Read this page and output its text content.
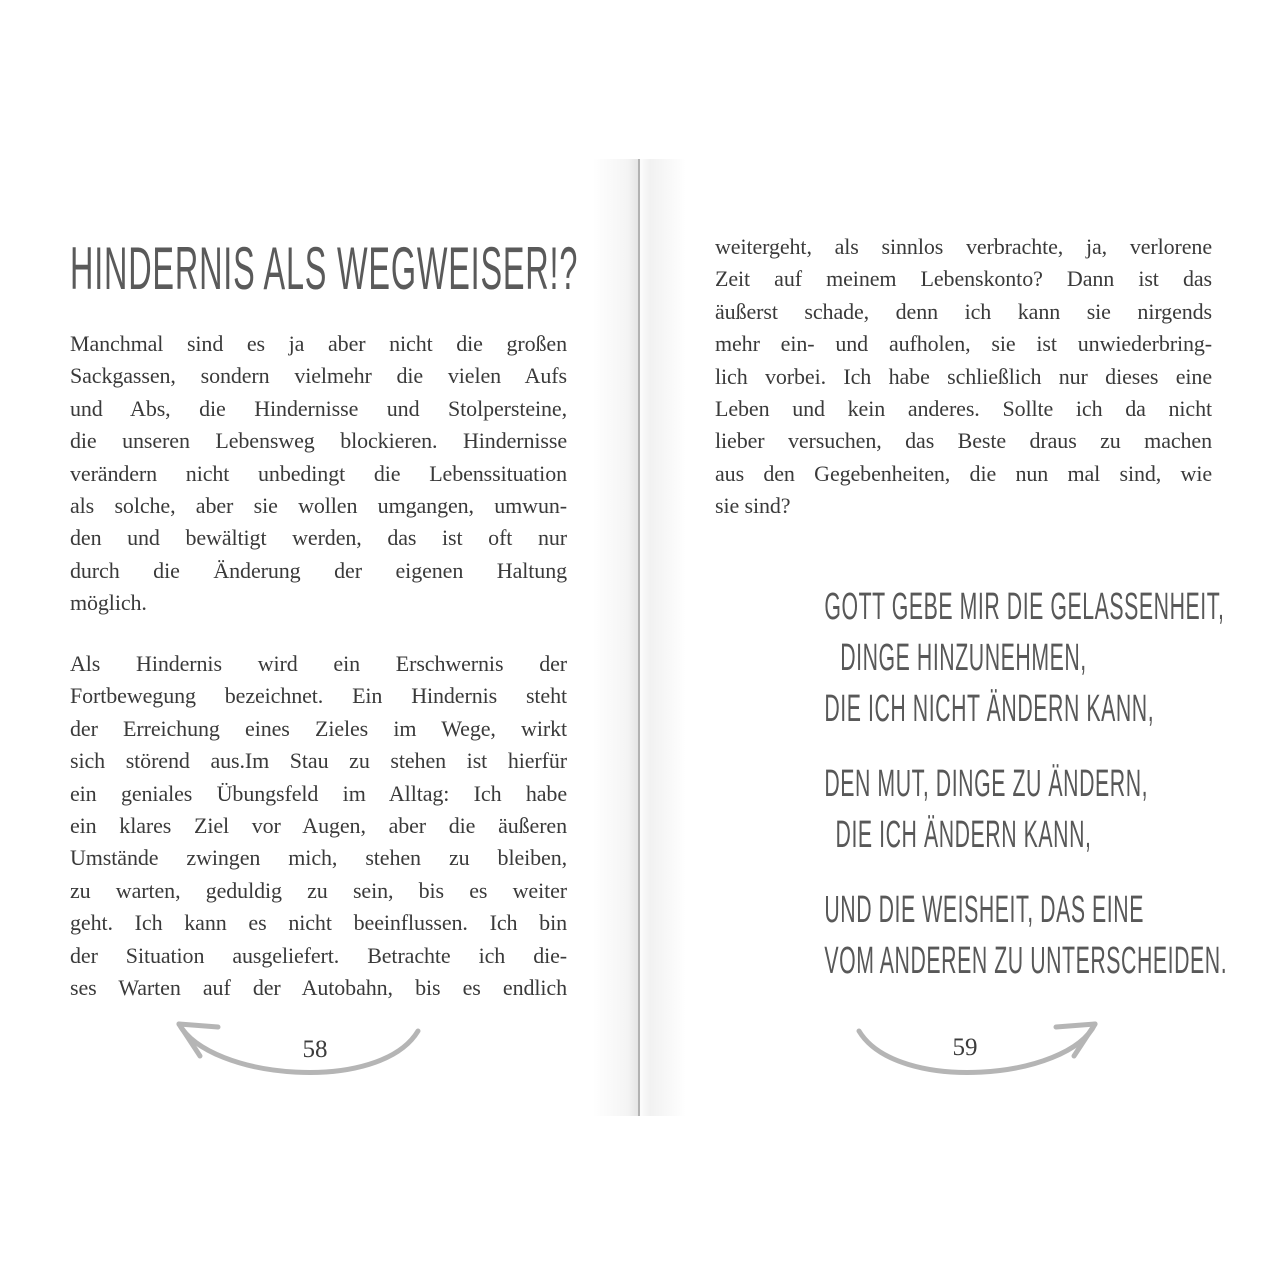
HINDERNIS ALS WEGWEISER!?
Manchmal sind es ja aber nicht die großen
Sackgassen, sondern vielmehr die vielen Aufs
und Abs, die Hindernisse und Stolpersteine,
die unseren Lebensweg blockieren. Hindernisse
verändern nicht unbedingt die Lebenssituation
als solche, aber sie wollen umgangen, umwun-
den und bewältigt werden, das ist oft nur
durch die Änderung der eigenen Haltung
möglich.
Als Hindernis wird ein Erschwernis der
Fortbewegung bezeichnet. Ein Hindernis steht
der Erreichung eines Zieles im Wege, wirkt
sich störend aus.Im Stau zu stehen ist hierfür
ein geniales Übungsfeld im Alltag: Ich habe
ein klares Ziel vor Augen, aber die äußeren
Umstände zwingen mich, stehen zu bleiben,
zu warten, geduldig zu sein, bis es weiter
geht. Ich kann es nicht beeinflussen. Ich bin
der Situation ausgeliefert. Betrachte ich die-
ses Warten auf der Autobahn, bis es endlich
58
weitergeht, als sinnlos verbrachte, ja, verlorene
Zeit auf meinem Lebenskonto? Dann ist das
äußerst schade, denn ich kann sie nirgends
mehr ein- und aufholen, sie ist unwiederbring-
lich vorbei. Ich habe schließlich nur dieses eine
Leben und kein anderes. Sollte ich da nicht
lieber versuchen, das Beste draus zu machen
aus den Gegebenheiten, die nun mal sind, wie
sie sind?
GOTT GEBE MIR DIE GELASSENHEIT,
DINGE HINZUNEHMEN,
DIE ICH NICHT ÄNDERN KANN,
DEN MUT, DINGE ZU ÄNDERN,
DIE ICH ÄNDERN KANN,
UND DIE WEISHEIT, DAS EINE
VOM ANDEREN ZU UNTERSCHEIDEN.
59
